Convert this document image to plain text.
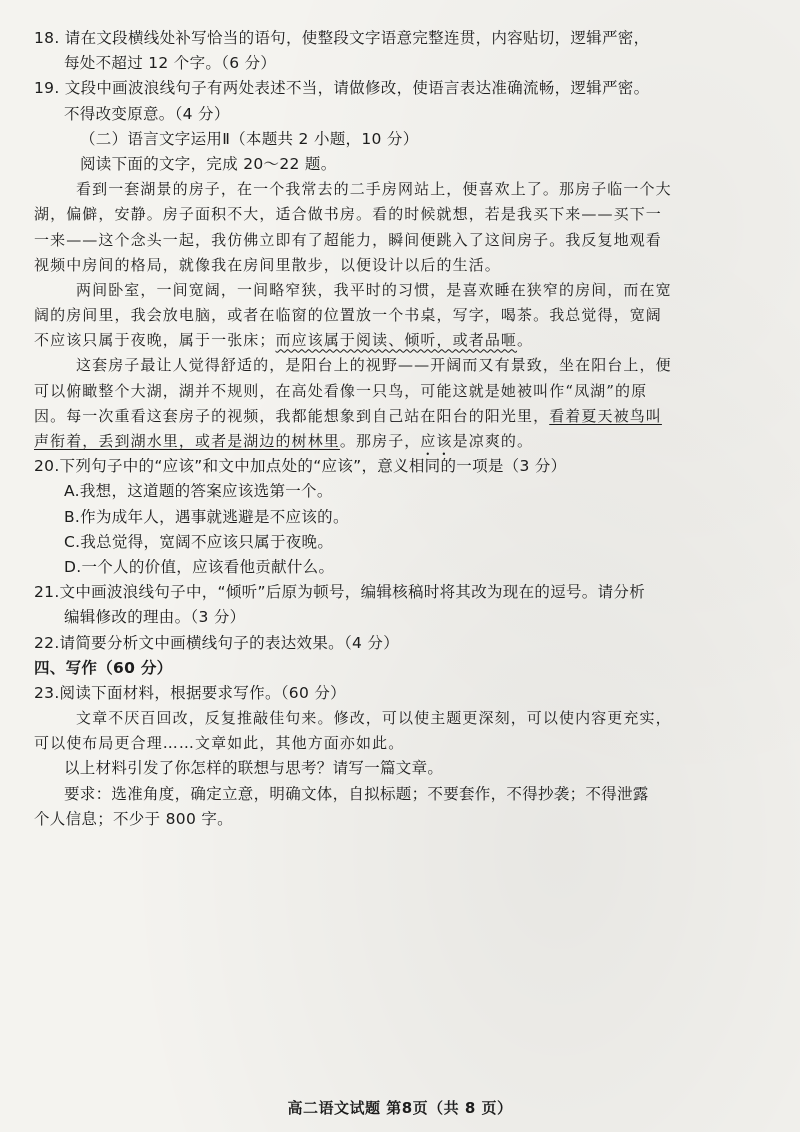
18. 请在文段横线处补写恰当的语句，使整段文字语意完整连贯，内容贴切，逻辑严密，
每处不超过 12 个字。（6 分）
19. 文段中画波浪线句子有两处表述不当，请做修改，使语言表达准确流畅，逻辑严密。
不得改变原意。（4 分）
（二）语言文字运用Ⅱ（本题共 2 小题，10 分）
阅读下面的文字，完成 20～22 题。
看到一套湖景的房子，在一个我常去的二手房网站上，便喜欢上了。那房子临一个大
湖，偏僻，安静。房子面积不大，适合做书房。看的时候就想，若是我买下来——买下一
一来——这个念头一起，我仿佛立即有了超能力，瞬间便跳入了这间房子。我反复地观看
视频中房间的格局，就像我在房间里散步，以便设计以后的生活。
两间卧室，一间宽阔，一间略窄狭，我平时的习惯，是喜欢睡在狭窄的房间，而在宽
阔的房间里，我会放电脑，或者在临窗的位置放一个书桌，写字，喝茶。我总觉得，宽阔
不应该只属于夜晚，属于一张床；而应该属于阅读、倾听，或者品咂。
这套房子最让人觉得舒适的，是阳台上的视野——开阔而又有景致，坐在阳台上，便
可以俯瞰整个大湖，湖并不规则，在高处看像一只鸟，可能这就是她被叫作“凤湖”的原
因。每一次重看这套房子的视频，我都能想象到自己站在阳台的阳光里，看着夏天被鸟叫
声衔着，丢到湖水里，或者是湖边的树林里。那房子，应该是凉爽的。
20.下列句子中的“应该”和文中加点处的“应该”，意义相同的一项是（3 分）
A.我想，这道题的答案应该选第一个。
B.作为成年人，遇事就逃避是不应该的。
C.我总觉得，宽阔不应该只属于夜晚。
D.一个人的价值，应该看他贡献什么。
21.文中画波浪线句子中，“倾听”后原为顿号，编辑核稿时将其改为现在的逗号。请分析
编辑修改的理由。（3 分）
22.请简要分析文中画横线句子的表达效果。（4 分）
四、写作（60 分）
23.阅读下面材料，根据要求写作。（60 分）
文章不厌百回改，反复推敲佳句来。修改，可以使主题更深刻，可以使内容更充实，
可以使布局更合理……文章如此，其他方面亦如此。
以上材料引发了你怎样的联想与思考？请写一篇文章。
要求：选准角度，确定立意，明确文体，自拟标题；不要套作，不得抄袭；不得泄露
个人信息；不少于 800 字。
高二语文试题 第8页（共 8 页）
